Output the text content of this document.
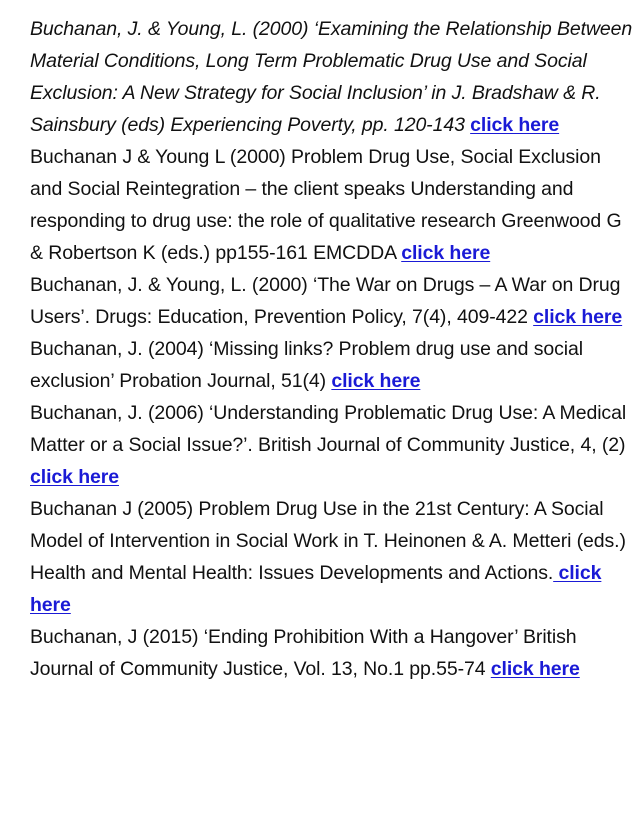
Buchanan, J. & Young, L. (2000) ‘Examining the Relationship Between Material Conditions, Long Term Problematic Drug Use and Social Exclusion: A New Strategy for Social Inclusion’ in J. Bradshaw & R. Sainsbury (eds) Experiencing Poverty, pp. 120-143 click here

Buchanan J & Young L (2000) Problem Drug Use, Social Exclusion and Social Reintegration – the client speaks Understanding and responding to drug use: the role of qualitative research Greenwood G & Robertson K (eds.) pp155-161 EMCDDA click here

Buchanan, J. & Young, L. (2000) ‘The War on Drugs – A War on Drug Users’. Drugs: Education, Prevention Policy, 7(4), 409-422 click here

Buchanan, J. (2004) ‘Missing links? Problem drug use and social exclusion’ Probation Journal, 51(4) click here

Buchanan, J. (2006) ‘Understanding Problematic Drug Use: A Medical Matter or a Social Issue?’. British Journal of Community Justice, 4, (2) click here

Buchanan J (2005) Problem Drug Use in the 21st Century: A Social Model of Intervention in Social Work in T. Heinonen & A. Metteri (eds.) Health and Mental Health: Issues Developments and Actions. click here

Buchanan, J (2015) ‘Ending Prohibition With a Hangover’ British Journal of Community Justice, Vol. 13, No.1 pp.55-74 click here
